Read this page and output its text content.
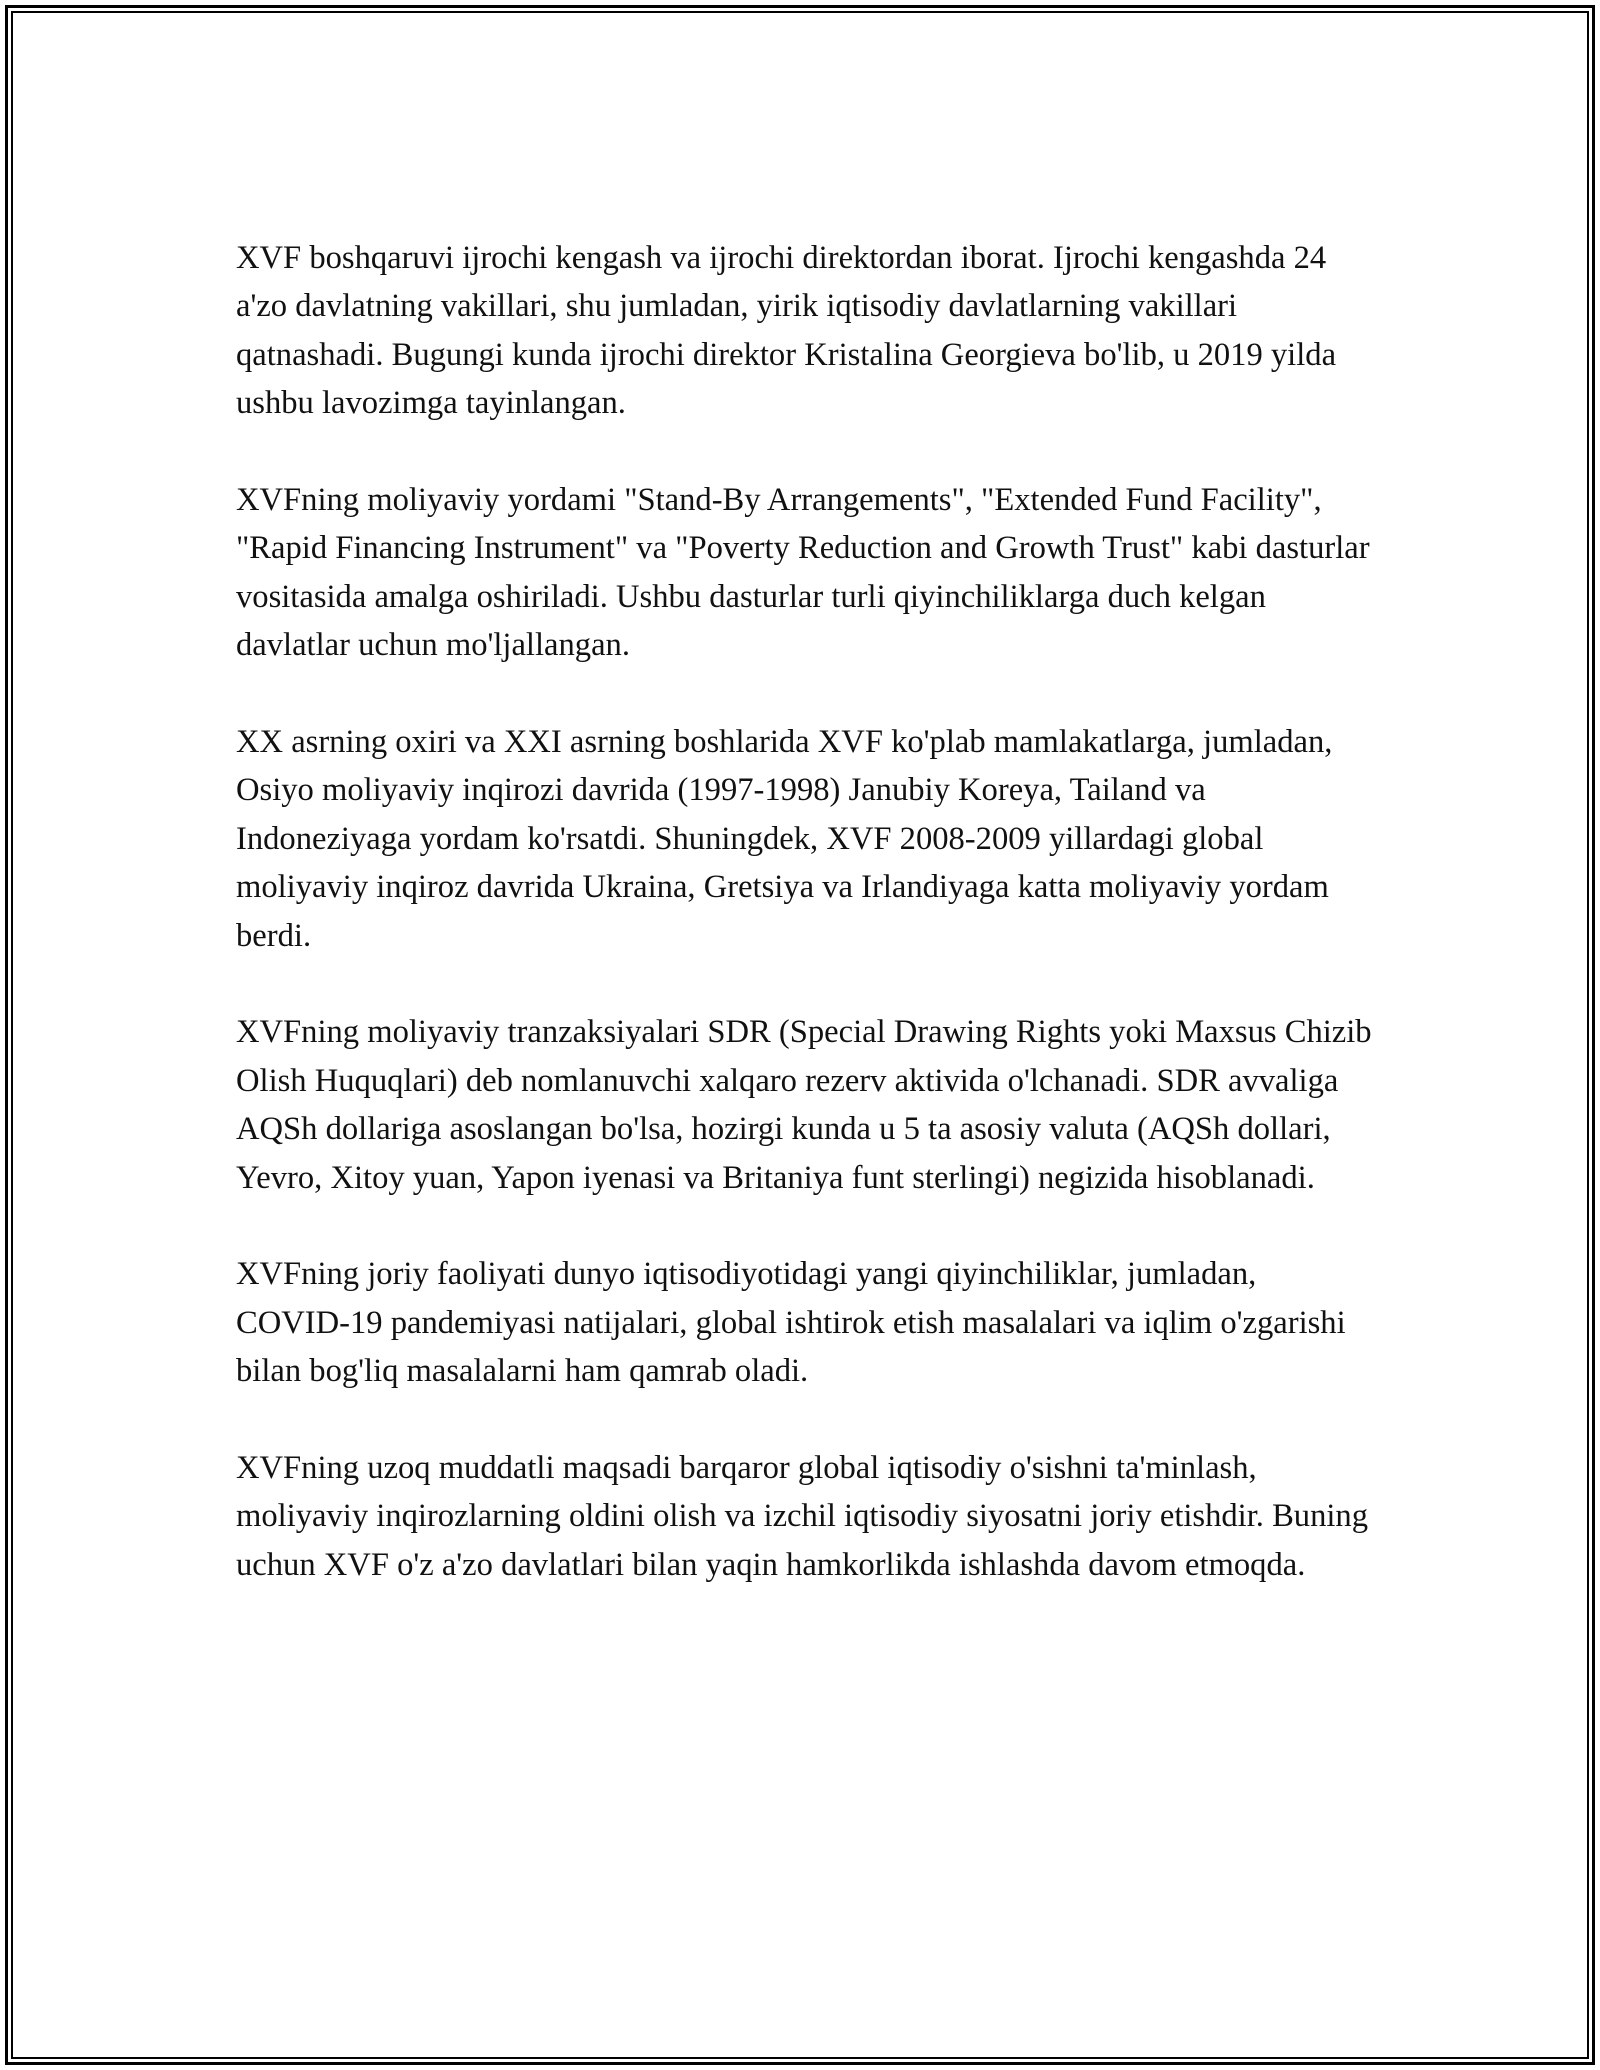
XVF boshqaruvi ijrochi kengash va ijrochi direktordan iborat. Ijrochi kengashda 24 a'zo davlatning vakillari, shu jumladan, yirik iqtisodiy davlatlarning vakillari qatnashadi. Bugungi kunda ijrochi direktor Kristalina Georgieva bo'lib, u 2019 yilda ushbu lavozimga tayinlangan.

XVFning moliyaviy yordami "Stand-By Arrangements", "Extended Fund Facility", "Rapid Financing Instrument" va "Poverty Reduction and Growth Trust" kabi dasturlar vositasida amalga oshiriladi. Ushbu dasturlar turli qiyinchiliklarga duch kelgan davlatlar uchun mo'ljallangan.

XX asrning oxiri va XXI asrning boshlarida XVF ko'plab mamlakatlarga, jumladan, Osiyo moliyaviy inqirozi davrida (1997-1998) Janubiy Koreya, Tailand va Indoneziyaga yordam ko'rsatdi. Shuningdek, XVF 2008-2009 yillardagi global moliyaviy inqiroz davrida Ukraina, Gretsiya va Irlandiyaga katta moliyaviy yordam berdi.

XVFning moliyaviy tranzaksiyalari SDR (Special Drawing Rights yoki Maxsus Chizib Olish Huquqlari) deb nomlanuvchi xalqaro rezerv aktivida o'lchanadi. SDR avvaliga AQSh dollariga asoslangan bo'lsa, hozirgi kunda u 5 ta asosiy valuta (AQSh dollari, Yevro, Xitoy yuan, Yapon iyenasi va Britaniya funt sterlingi) negizida hisoblanadi.

XVFning joriy faoliyati dunyo iqtisodiyotidagi yangi qiyinchiliklar, jumladan, COVID-19 pandemiyasi natijalari, global ishtirok etish masalalari va iqlim o'zgarishi bilan bog'liq masalalarni ham qamrab oladi.

XVFning uzoq muddatli maqsadi barqaror global iqtisodiy o'sishni ta'minlash, moliyaviy inqirozlarning oldini olish va izchil iqtisodiy siyosatni joriy etishdir. Buning uchun XVF o'z a'zo davlatlari bilan yaqin hamkorlikda ishlashda davom etmoqda.
